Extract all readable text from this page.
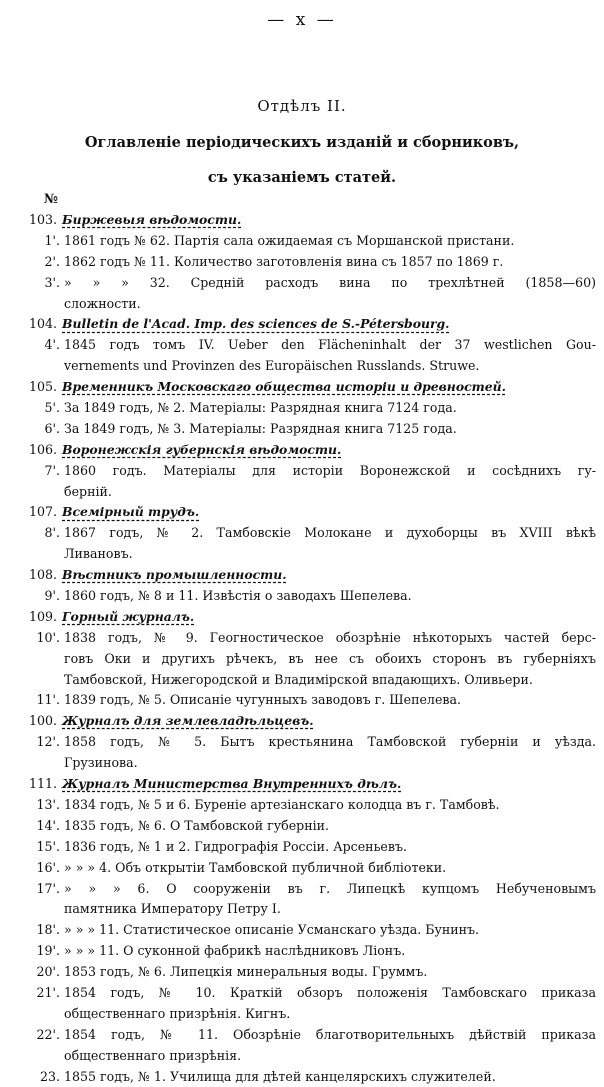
— x —
Отдѣлъ II.
Оглавленіе періодическихъ изданій и сборниковъ,
съ указаніемъ статей.
№
103. Биржевыя вѣдомости.
1'. 1861 годъ № 62. Партія сала ожидаемая съ Моршанской пристани.
2'. 1862 годъ № 11. Количество заготовленія вина съ 1857 по 1869 г.
3'. » » » 32. Средній расходъ вина по трехлѣтней (1858—60)
сложности.
104. Bulletin de l'Acad. Imp. des sciences de S.-Pétersbourg.
4'. 1845 годъ томъ IV. Ueber den Flächeninhalt der 37 westlichen Gou-
vernements und Provinzen des Europäischen Russlands. Struwe.
105. Временникъ Московскаго общества исторіи и древностей.
5'. За 1849 годъ, № 2. Матеріалы: Разрядная книга 7124 года.
6'. За 1849 годъ, № 3. Матеріалы: Разрядная книга 7125 года.
106. Воронежскія губернскія вѣдомости.
7'. 1860 годъ. Матеріалы для исторіи Воронежской и сосѣднихъ гу-
берній.
107. Всемірный трудъ.
8'. 1867 годъ, № 2. Тамбовскіе Молокане и духоборцы въ XVIII вѣкѣ
Ливановъ.
108. Вѣстникъ промышленности.
9'. 1860 годъ, № 8 и 11. Извѣстія о заводахъ Шепелева.
109. Горный журналъ.
10'. 1838 годъ, № 9. Геогностическое обозрѣніе нѣкоторыхъ частей берс-
говъ Оки и другихъ рѣчекъ, въ нее съ обоихъ сторонъ въ губерніяхъ
Тамбовской, Нижегородской и Владимірской впадающихъ. Оливьери.
11'. 1839 годъ, № 5. Описаніе чугунныхъ заводовъ г. Шепелева.
100. Журналъ для землевладѣльцевъ.
12'. 1858 годъ, № 5. Бытъ крестьянина Тамбовской губерніи и уѣзда.
Грузинова.
111. Журналъ Министерства Внутреннихъ дѣлъ.
13'. 1834 годъ, № 5 и 6. Буреніе артезіанскаго колодца въ г. Тамбовѣ.
14'. 1835 годъ, № 6. О Тамбовской губерніи.
15'. 1836 годъ, № 1 и 2. Гидрографія Россіи. Арсеньевъ.
16'. » » » 4. Объ открытіи Тамбовской публичной библіотеки.
17'. » » » 6. О сооруженіи въ г. Липецкѣ купцомъ Небученовымъ
памятника Императору Петру I.
18'. » » » 11. Статистическое описаніе Усманскаго уѣзда. Бунинъ.
19'. » » » 11. О суконной фабрикѣ наслѣдниковъ Ліонъ.
20'. 1853 годъ, № 6. Липецкія минеральныя воды. Груммъ.
21'. 1854 годъ, № 10. Краткій обзоръ положенія Тамбовскаго приказа
общественнаго призрѣнія. Кигнъ.
22'. 1854 годъ, № 11. Обозрѣніе благотворительныхъ дѣйствій приказа
общественнаго призрѣнія.
23. 1855 годъ, № 1. Училища для дѣтей канцелярскихъ служителей.
